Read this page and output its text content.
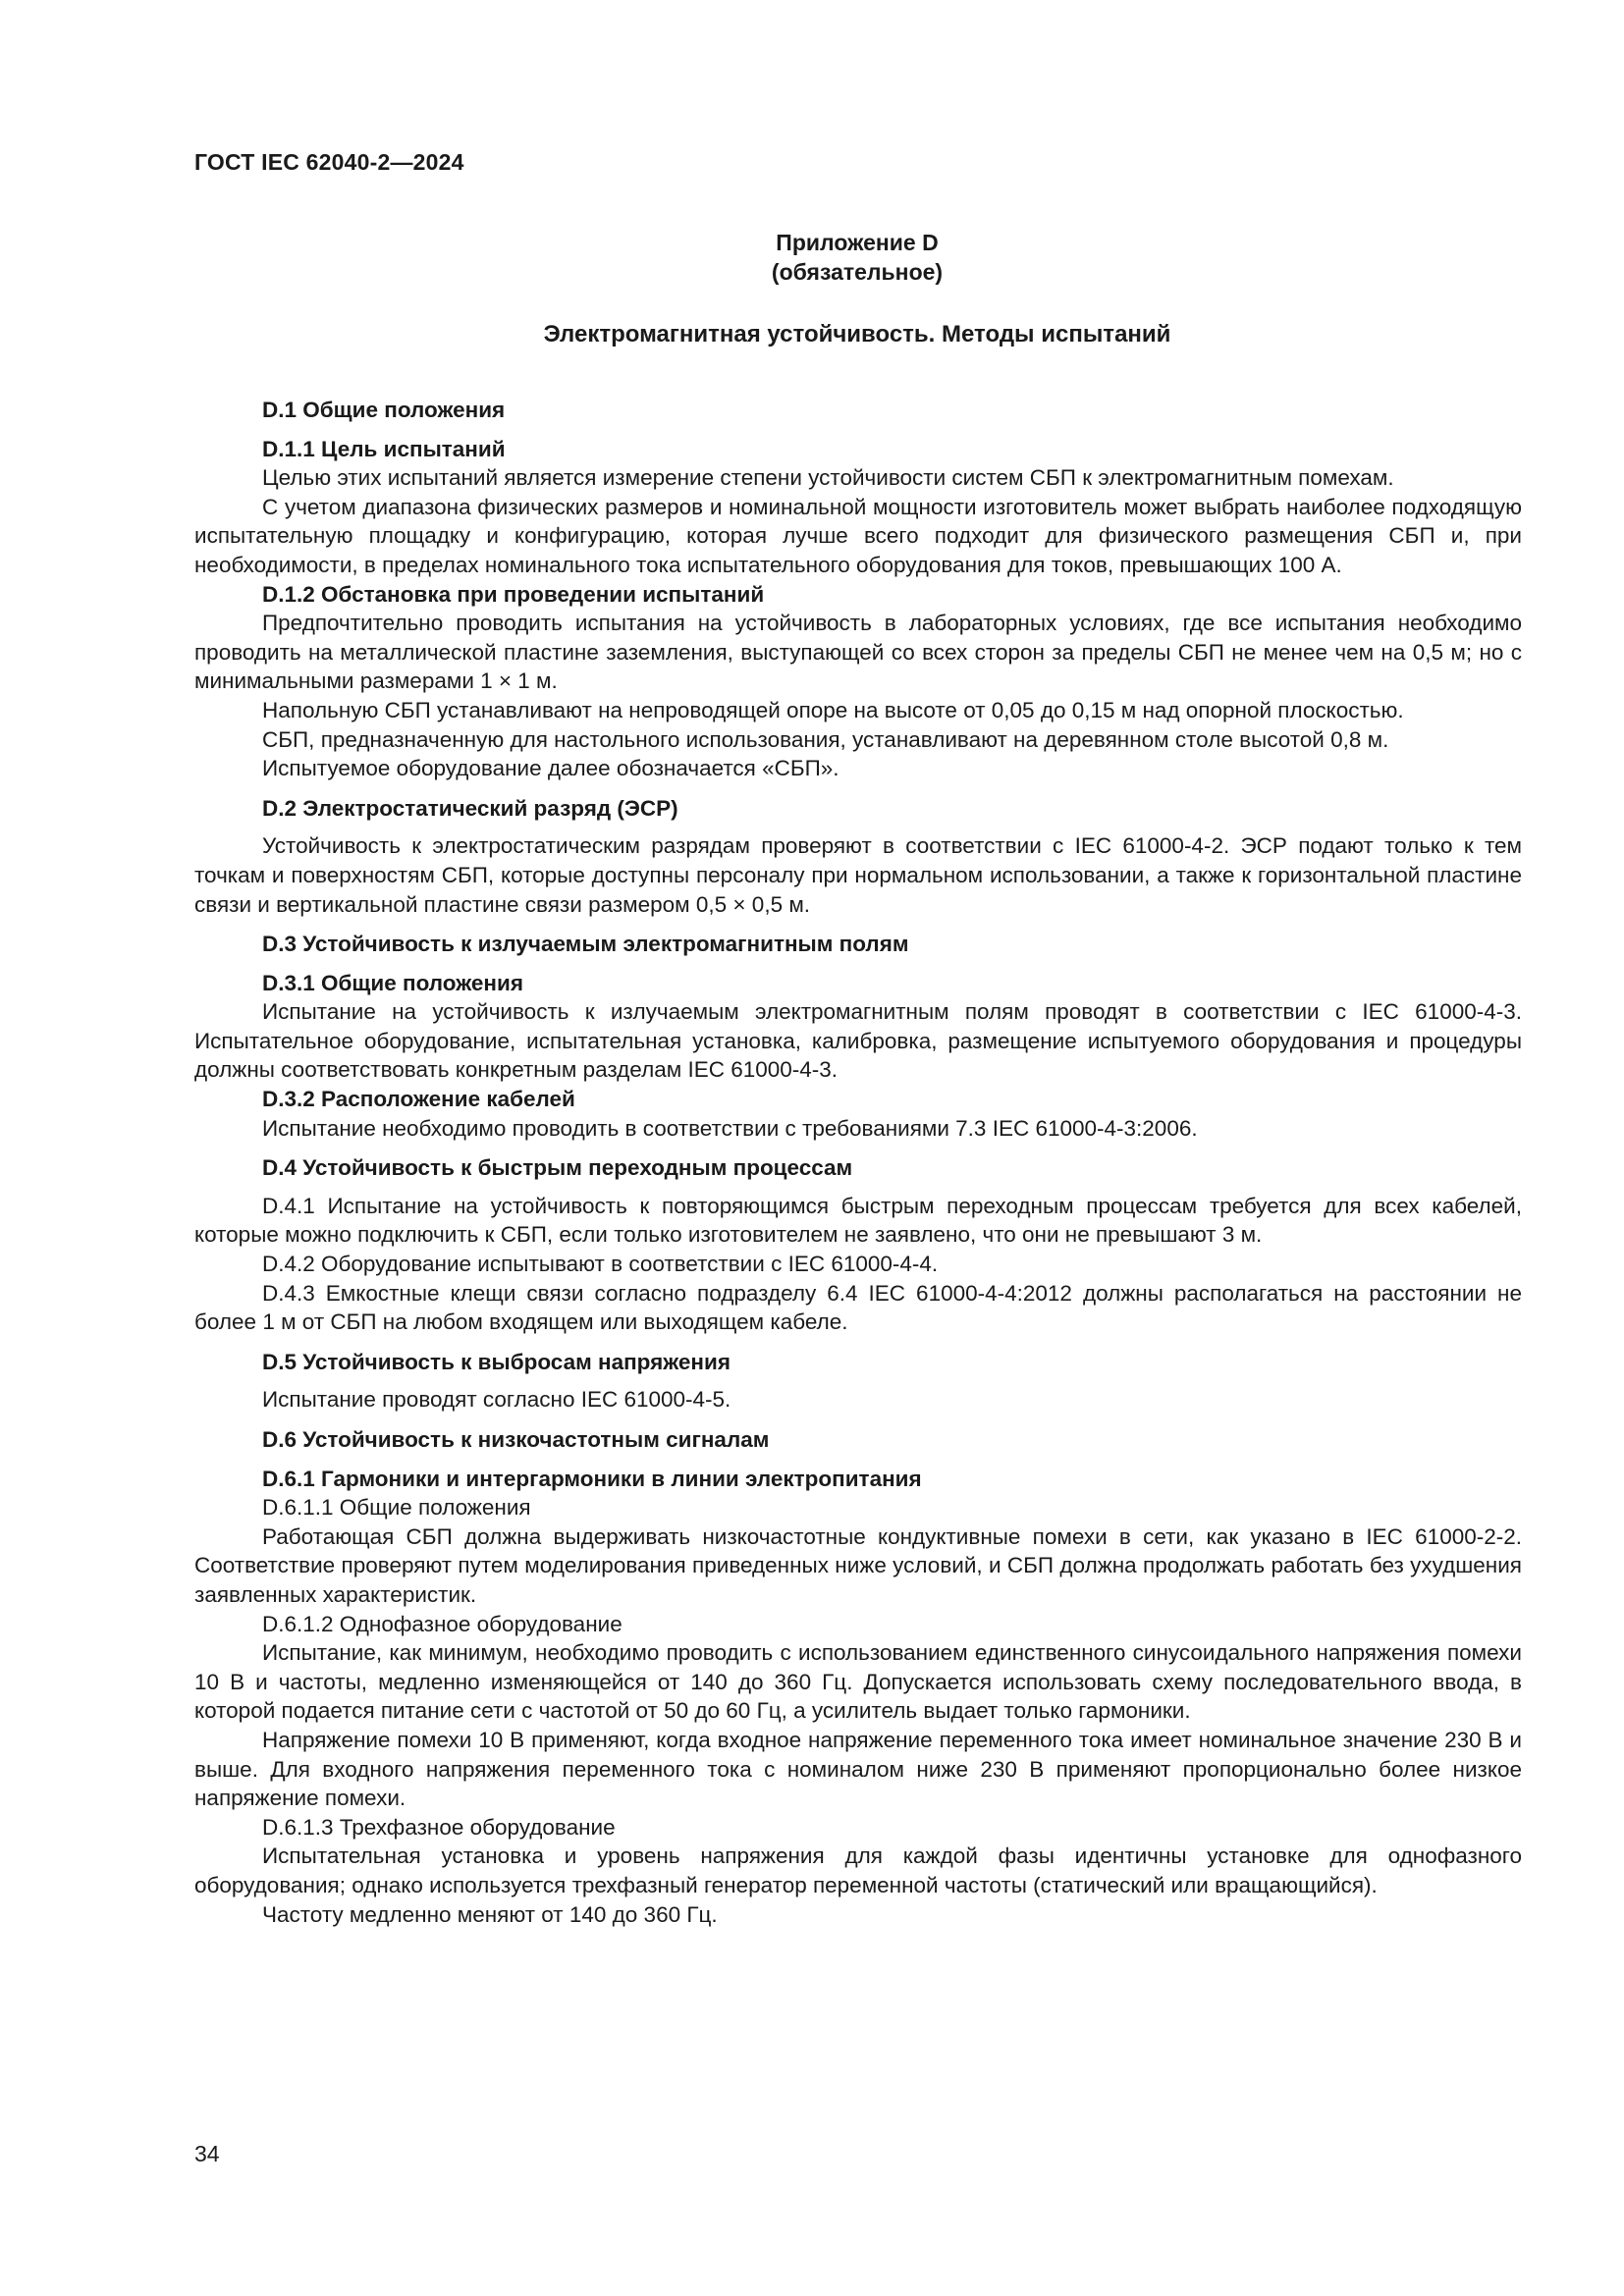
ГОСТ IEC 62040-2—2024
Приложение D
(обязательное)
Электромагнитная устойчивость. Методы испытаний

D.1 Общие положения

D.1.1 Цель испытаний

Целью этих испытаний является измерение степени устойчивости систем СБП к электромагнитным помехам.

С учетом диапазона физических размеров и номинальной мощности изготовитель может выбрать наиболее подходящую испытательную площадку и конфигурацию, которая лучше всего подходит для физического размещения СБП и, при необходимости, в пределах номинального тока испытательного оборудования для токов, превышающих 100 А.

D.1.2 Обстановка при проведении испытаний

Предпочтительно проводить испытания на устойчивость в лабораторных условиях, где все испытания необходимо проводить на металлической пластине заземления, выступающей со всех сторон за пределы СБП не менее чем на 0,5 м; но с минимальными размерами 1 × 1 м.

Напольную СБП устанавливают на непроводящей опоре на высоте от 0,05 до 0,15 м над опорной плоскостью.

СБП, предназначенную для настольного использования, устанавливают на деревянном столе высотой 0,8 м.

Испытуемое оборудование далее обозначается «СБП».

D.2 Электростатический разряд (ЭСР)

Устойчивость к электростатическим разрядам проверяют в соответствии с IEC 61000-4-2. ЭСР подают только к тем точкам и поверхностям СБП, которые доступны персоналу при нормальном использовании, а также к горизонтальной пластине связи и вертикальной пластине связи размером 0,5 × 0,5 м.

D.3 Устойчивость к излучаемым электромагнитным полям

D.3.1 Общие положения

Испытание на устойчивость к излучаемым электромагнитным полям проводят в соответствии с IEC 61000-4-3. Испытательное оборудование, испытательная установка, калибровка, размещение испытуемого оборудования и процедуры должны соответствовать конкретным разделам IEC 61000-4-3.

D.3.2 Расположение кабелей

Испытание необходимо проводить в соответствии с требованиями 7.3 IEC 61000-4-3:2006.

D.4 Устойчивость к быстрым переходным процессам

D.4.1 Испытание на устойчивость к повторяющимся быстрым переходным процессам требуется для всех кабелей, которые можно подключить к СБП, если только изготовителем не заявлено, что они не превышают 3 м.

D.4.2 Оборудование испытывают в соответствии с IEC 61000-4-4.

D.4.3 Емкостные клещи связи согласно подразделу 6.4 IEC 61000-4-4:2012 должны располагаться на расстоянии не более 1 м от СБП на любом входящем или выходящем кабеле.

D.5 Устойчивость к выбросам напряжения

Испытание проводят согласно IEC 61000-4-5.

D.6 Устойчивость к низкочастотным сигналам

D.6.1 Гармоники и интергармоники в линии электропитания

D.6.1.1 Общие положения

Работающая СБП должна выдерживать низкочастотные кондуктивные помехи в сети, как указано в IEC 61000-2-2. Соответствие проверяют путем моделирования приведенных ниже условий, и СБП должна продолжать работать без ухудшения заявленных характеристик.

D.6.1.2 Однофазное оборудование

Испытание, как минимум, необходимо проводить с использованием единственного синусоидального напряжения помехи 10 В и частоты, медленно изменяющейся от 140 до 360 Гц. Допускается использовать схему последовательного ввода, в которой подается питание сети с частотой от 50 до 60 Гц, а усилитель выдает только гармоники.

Напряжение помехи 10 В применяют, когда входное напряжение переменного тока имеет номинальное значение 230 В и выше. Для входного напряжения переменного тока с номиналом ниже 230 В применяют пропорционально более низкое напряжение помехи.

D.6.1.3 Трехфазное оборудование

Испытательная установка и уровень напряжения для каждой фазы идентичны установке для однофазного оборудования; однако используется трехфазный генератор переменной частоты (статический или вращающийся).

Частоту медленно меняют от 140 до 360 Гц.

34
